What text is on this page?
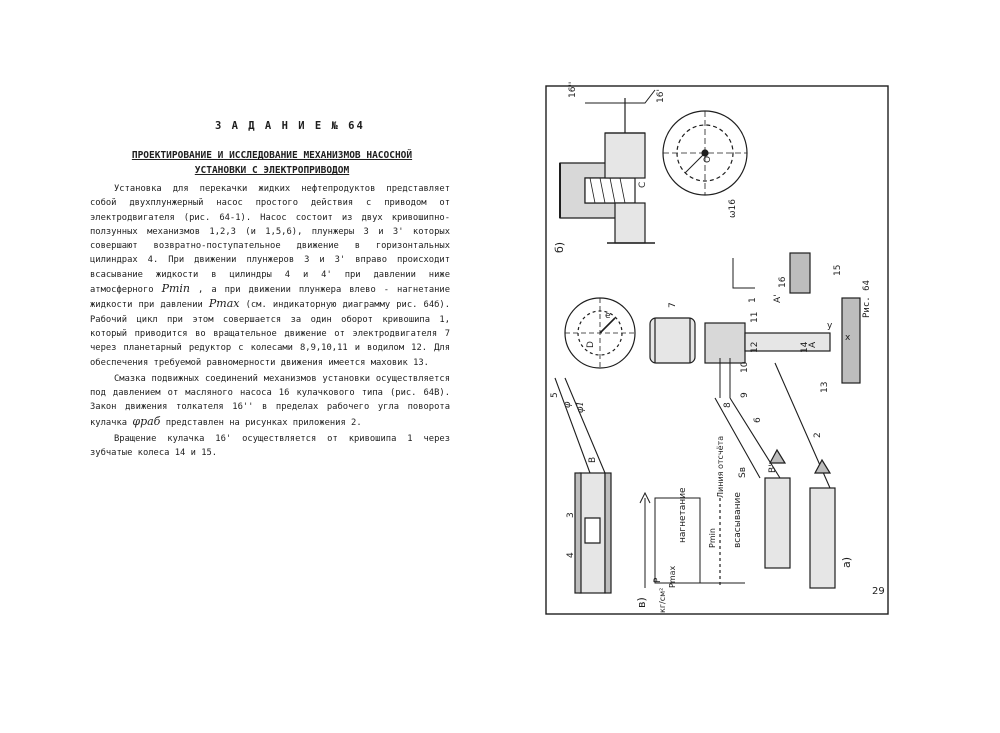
З А Д А Н И Е № 64
ПРОЕКТИРОВАНИЕ И ИССЛЕДОВАНИЕ МЕХАНИЗМОВ НАСОСНОЙ
УСТАНОВКИ С ЭЛЕКТРОПРИВОДОМ

Установка для перекачки жидких нефтепродуктов представляет собой двухплунжерный насос простого действия с приводом от электродвигателя (рис. 64-1). Насос состоит из двух кривошипно-ползунных механизмов 1,2,3 (и 1,5,6), плунжеры 3 и 3' которых совершают возвратно-поступательное движение в горизонтальных цилиндрах 4. При движении плунжеров 3 и 3' вправо происходит всасывание жидкости в цилиндры 4 и 4' при давлении ниже атмосферного Pmin , а при движении плунжера влево - нагнетание жидкости при давлении Pmax (см. индикаторную диаграмму рис. 64б). Рабочий цикл при этом совершается за один оборот кривошипа 1, который приводится во вращательное движение от электродвигателя 7 через планетарный редуктор с колесами 8,9,10,11 и водилом 12. Для обеспечения требуемой равномерности движения имеется маховик 13.

Смазка подвижных соединений механизмов установки осуществляется под давлением от масляного насоса 16 кулачкового типа (рис. 64В). Закон движения толкателя 16'' в пределах рабочего угла поворота кулачка φраб представлен на рисунках приложения 2.

Вращение кулачка 16' осуществляется от кривошипа 1 через зубчатые колеса 14 и 15.

б)
ω16
16''	16'
C
O
а)
в)
нагнетание	всасывание
Линия отсчёта
Pmin
Pmax
P
кг/см²
Sв
x
y
e
16
15
14
13
12
11
10
9
8
7
6
5
4
3
2
1 A'
A
B
B'
D
φ φ1
Рис. 64
29
